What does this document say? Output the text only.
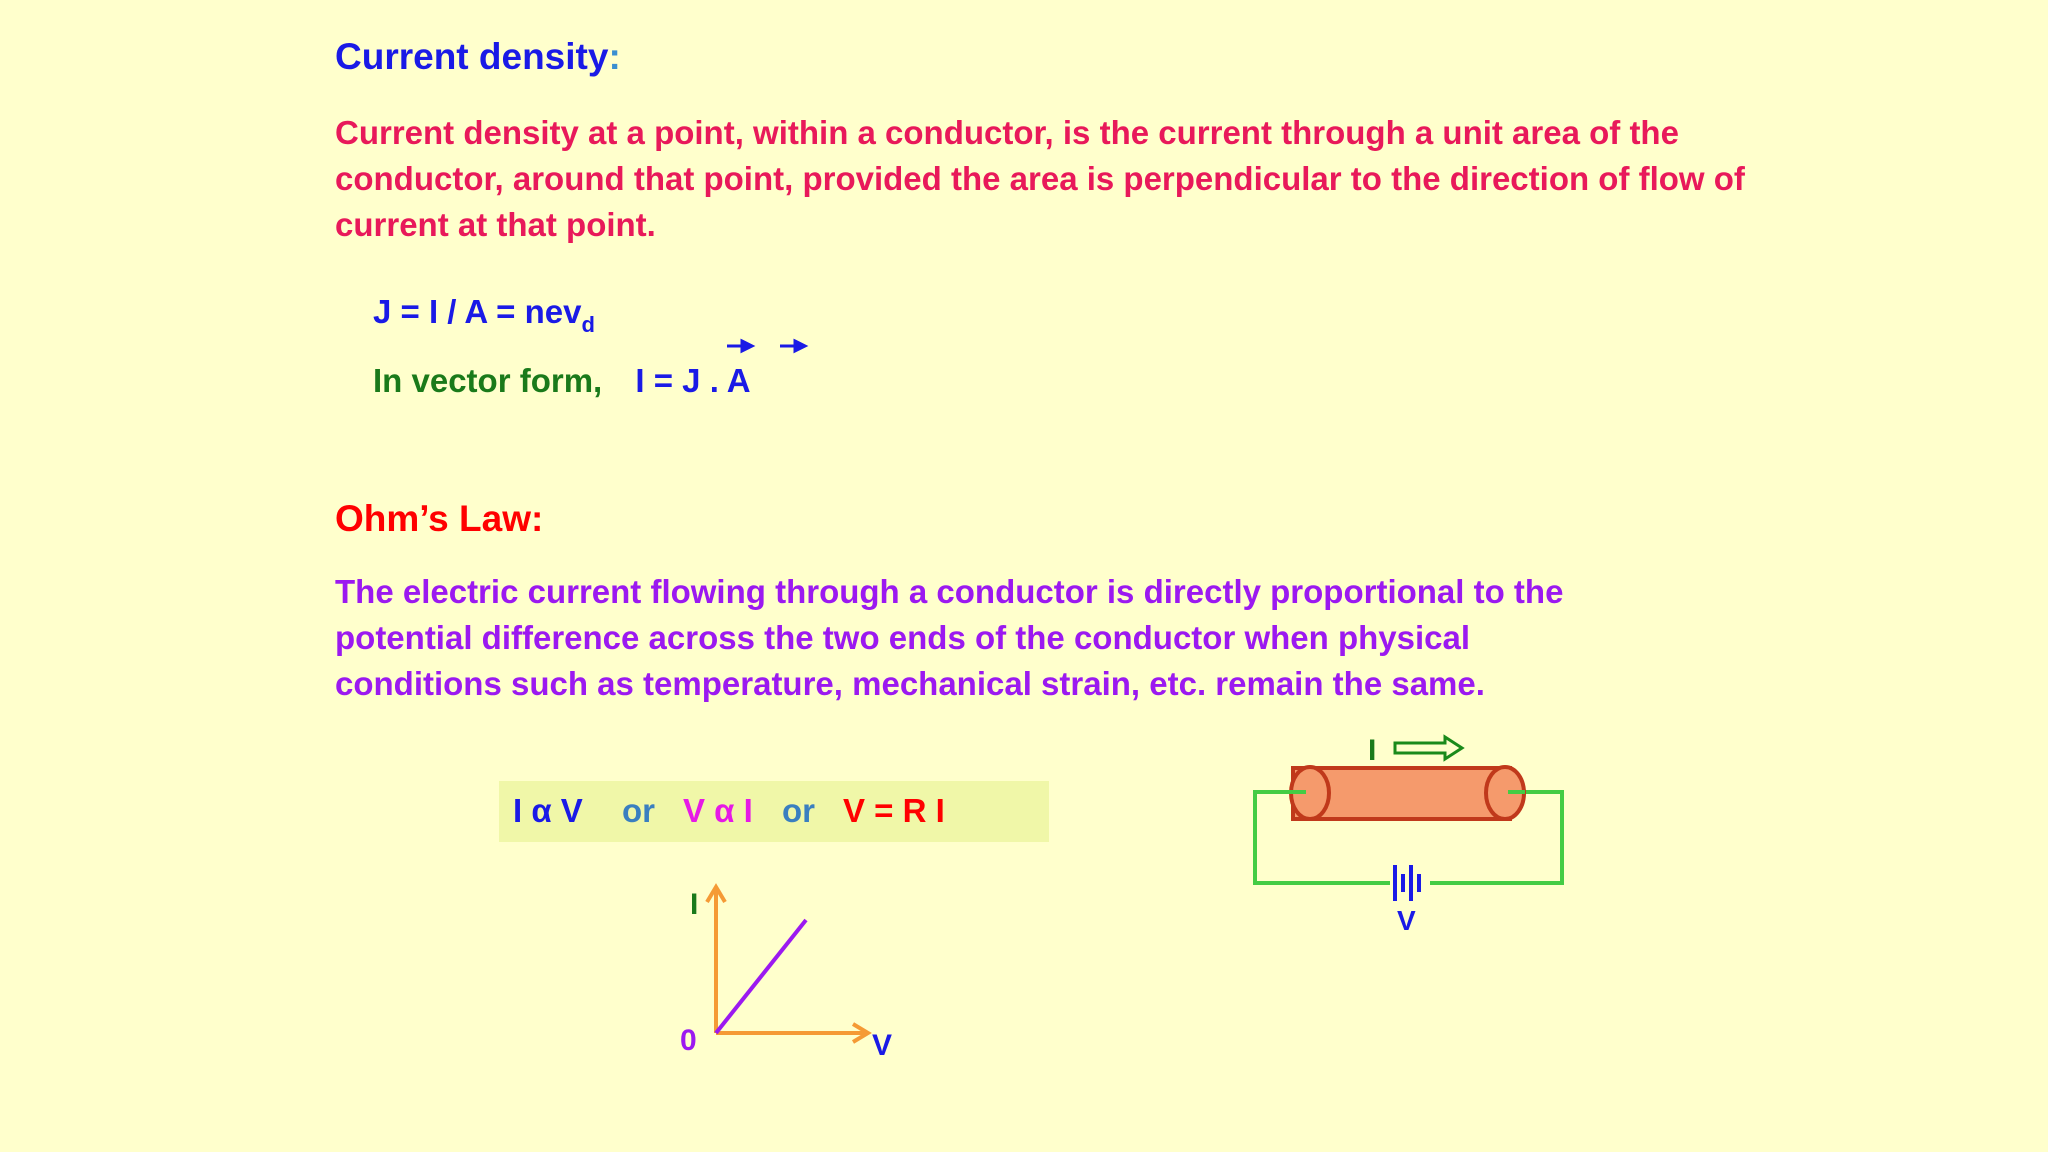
Current density:
Current density at a point, within a conductor, is the current through a unit area of the conductor, around that point, provided the area is perpendicular to the direction of flow of current at that point.
J = I / A = nev$_d$
In vector form, I = J . A
Ohm’s Law:
The electric current flowing through a conductor is directly proportional to the potential difference across the two ends of the conductor when physical conditions such as temperature, mechanical strain, etc. remain the same.
I α V or V α I or V = R I
I
0	V
I
V
